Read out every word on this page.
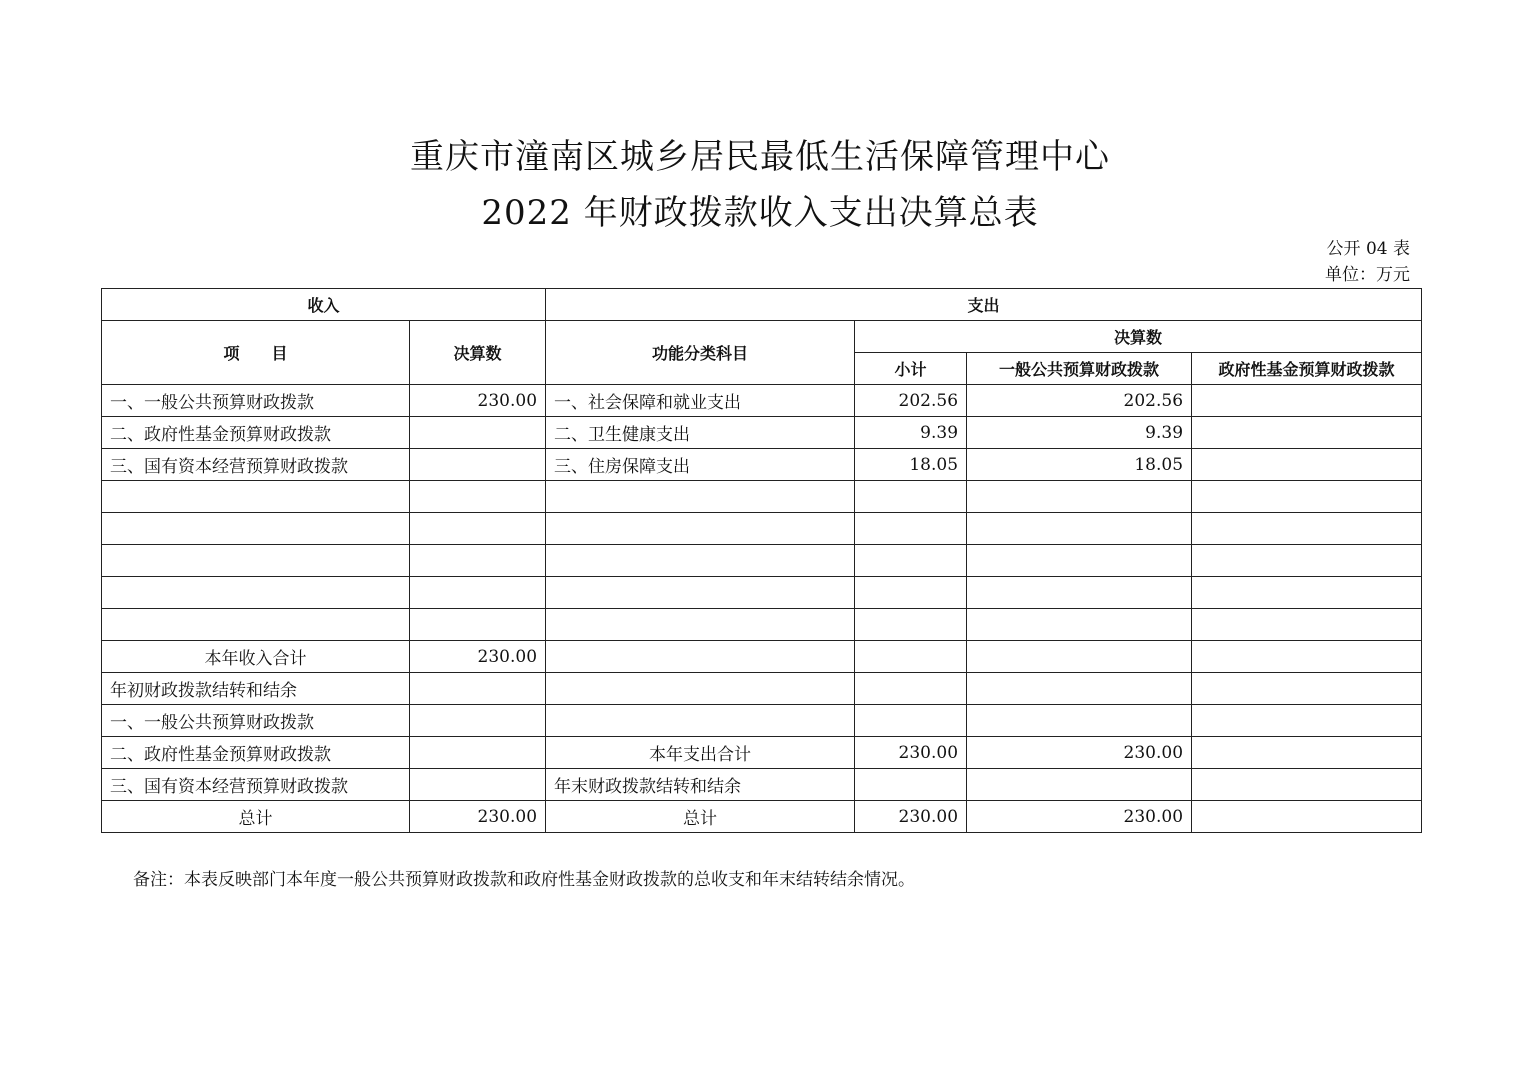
重庆市潼南区城乡居民最低生活保障管理中心
2022 年财政拨款收入支出决算总表
公开 04 表
单位：万元
收入		支出			
项　　目	决算数	功能分类科目	决算数		
			小计	一般公共预算财政拨款	政府性基金预算财政拨款
一、一般公共预算财政拨款	230.00	一、社会保障和就业支出	202.56	202.56	
二、政府性基金预算财政拨款		二、卫生健康支出	9.39	9.39	
三、国有资本经营预算财政拨款		三、住房保障支出	18.05	18.05	

本年收入合计	230.00				
年初财政拨款结转和结余					
一、一般公共预算财政拨款					
二、政府性基金预算财政拨款		本年支出合计	230.00	230.00	
三、国有资本经营预算财政拨款		年末财政拨款结转和结余			
总计	230.00	总计	230.00	230.00	
备注：本表反映部门本年度一般公共预算财政拨款和政府性基金财政拨款的总收支和年末结转结余情况。
